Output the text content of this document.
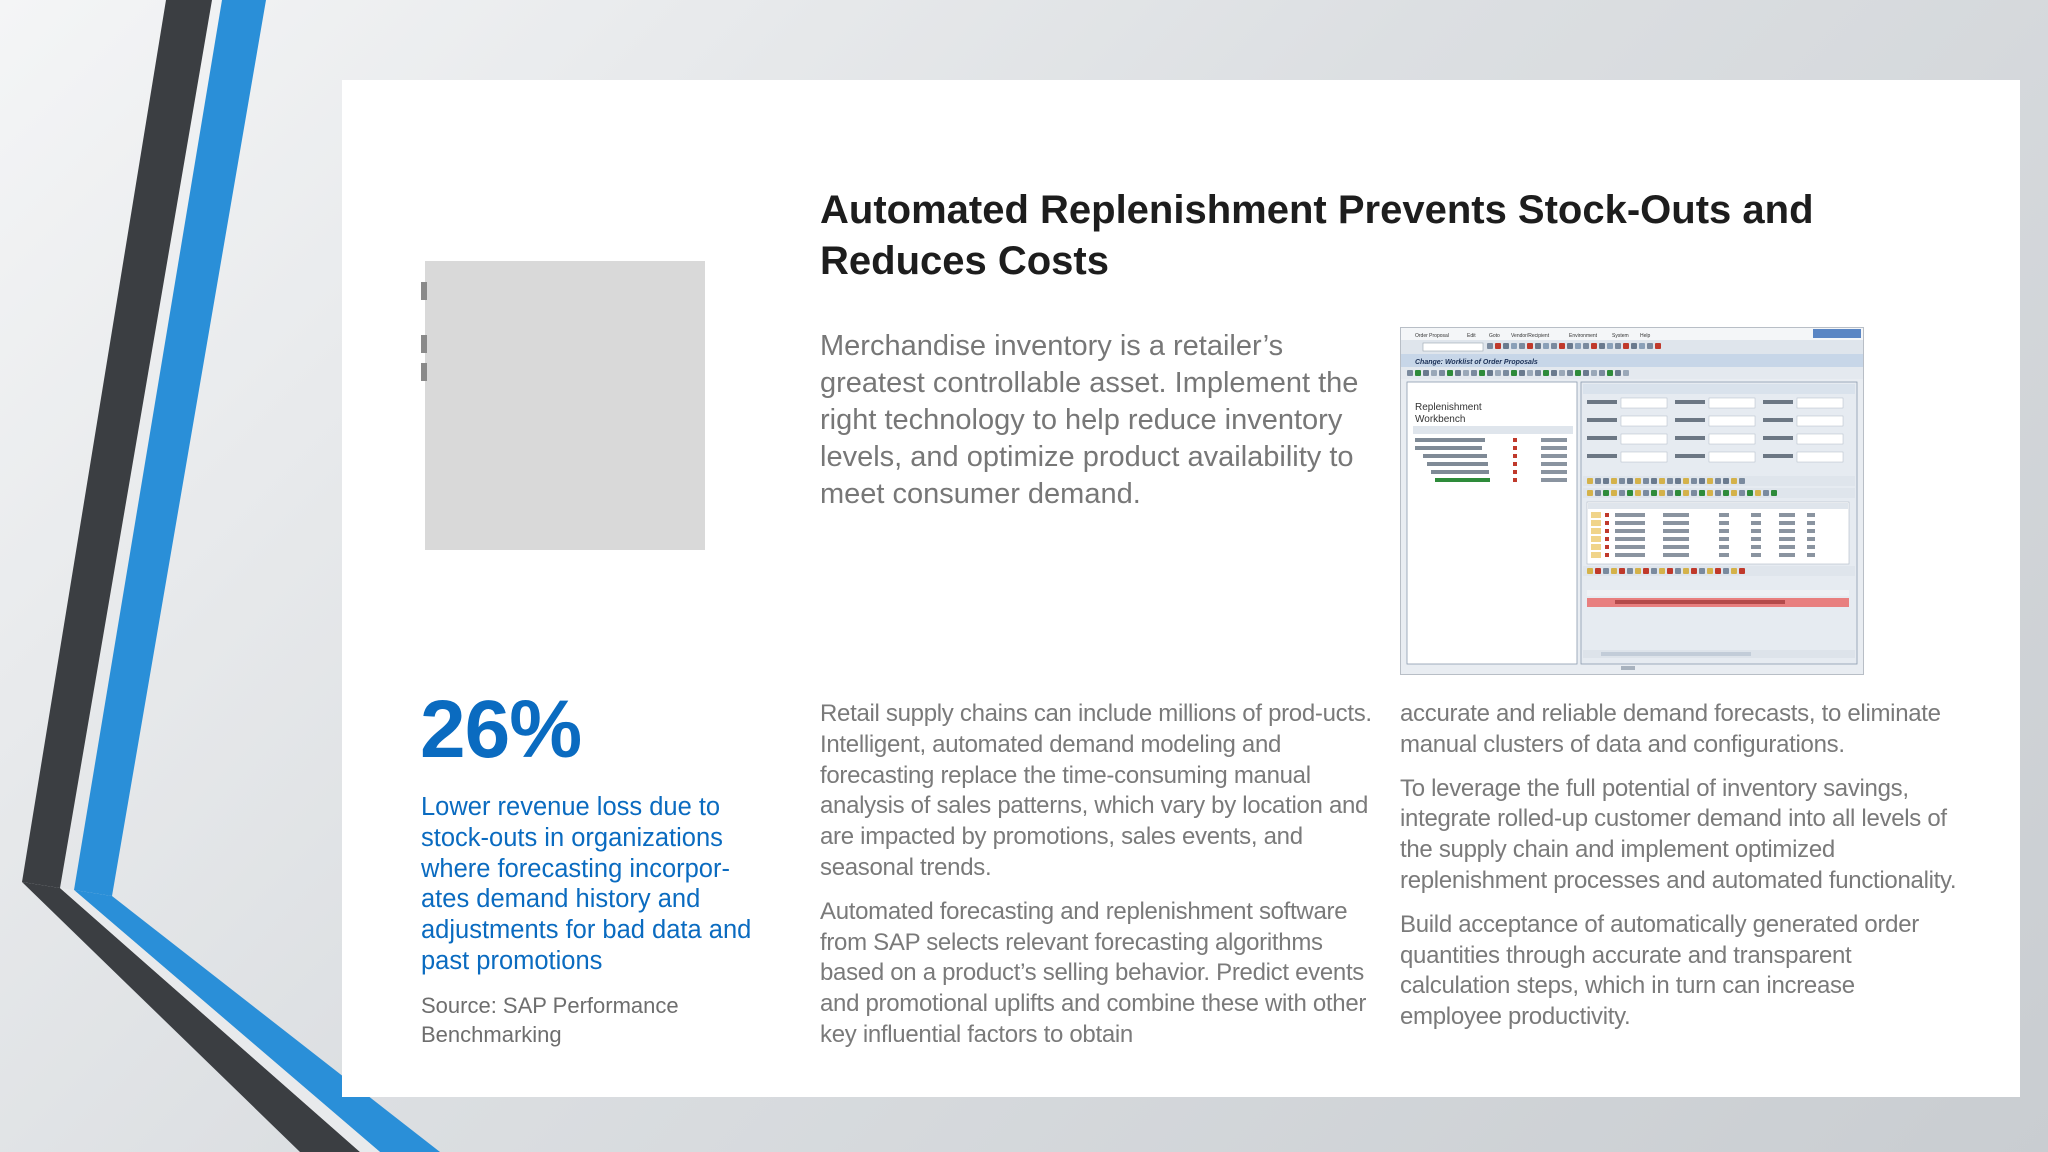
Automated Replenishment Prevents Stock-Outs and Reduces Costs

Merchandise inventory is a retailer’s greatest controllable asset. Implement the right technology to help reduce inventory levels, and optimize product availability to meet consumer demand.

Order Proposal	Edit	Goto Vendor/Recipient	Environment	System Help
Change: Worklist of Order Proposals
Replenishment
Workbench
26%

Lower revenue loss due to stock-outs in organizations where forecasting incorpor-ates demand history and adjustments for bad data and past promotions

Source: SAP Performance Benchmarking

Retail supply chains can include millions of prod-ucts. Intelligent, automated demand modeling and forecasting replace the time-consuming manual analysis of sales patterns, which vary by location and are impacted by promotions, sales events, and seasonal trends.

Automated forecasting and replenishment software from SAP selects relevant forecasting algorithms based on a product’s selling behavior. Predict events and promotional uplifts and combine these with other key influential factors to obtain

accurate and reliable demand forecasts, to eliminate manual clusters of data and configurations.

To leverage the full potential of inventory savings, integrate rolled-up customer demand into all levels of the supply chain and implement optimized replenishment processes and automated functionality.

Build acceptance of automatically generated order quantities through accurate and transparent calculation steps, which in turn can increase employee productivity.
